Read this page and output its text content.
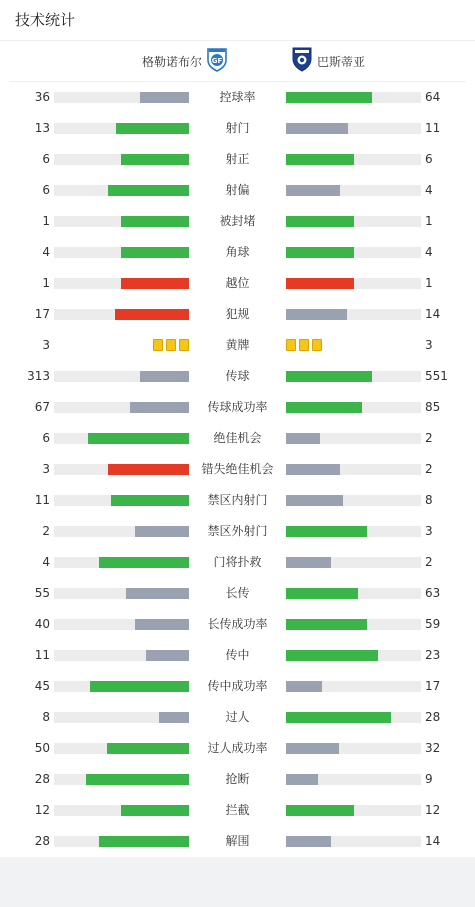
技术统计
格勒诺布尔 GF	巴斯蒂亚
36	控球率	64
13	射门	11
6	射正	6
6	射偏	4
1	被封堵	1
4	角球	4
1	越位	1
17	犯规	14
3	黄牌	3
313	传球	551
67	传球成功率	85
6	绝佳机会	2
3	错失绝佳机会	2
11	禁区内射门	8
2	禁区外射门	3
4	门将扑救	2
55	长传	63
40	长传成功率	59
11	传中	23
45	传中成功率	17
8	过人	28
50	过人成功率	32
28	抢断	9
12	拦截	12
28	解围	14
